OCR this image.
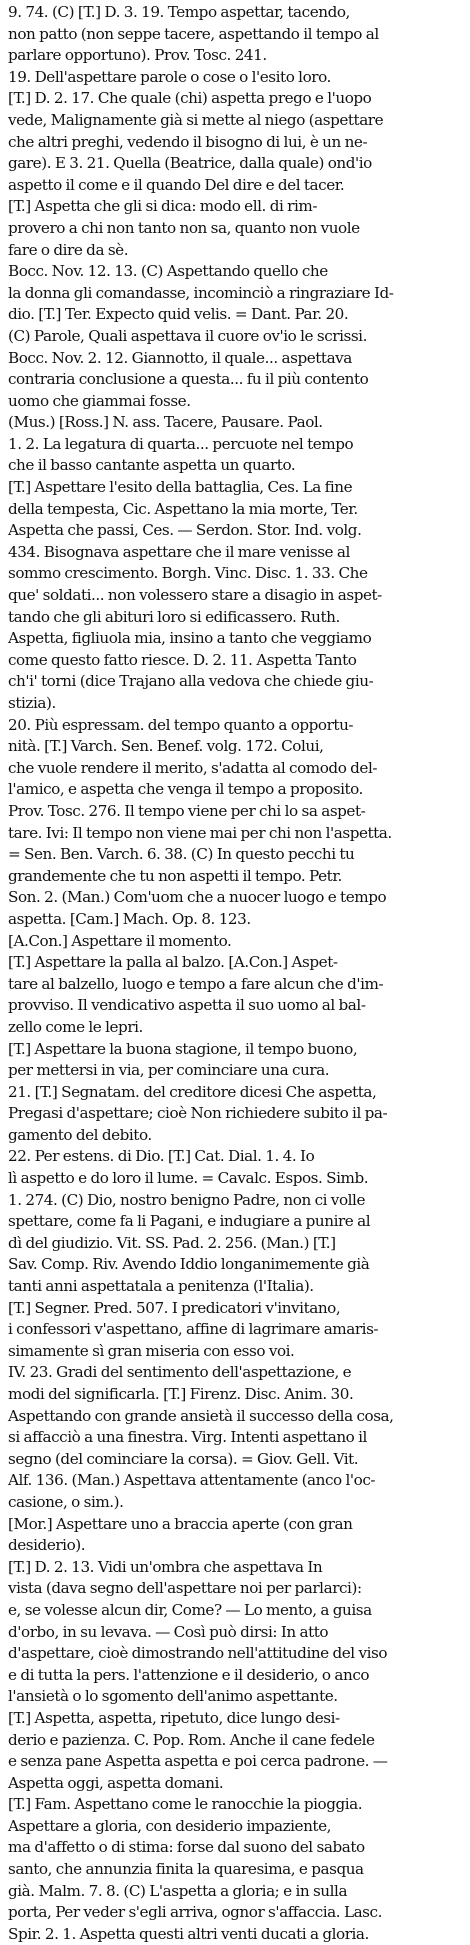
9. 74. (C) [T.] D. 3. 19. Tempo aspettar, tacendo,
non patto (non seppe tacere, aspettando il tempo al
parlare opportuno). Prov. Tosc. 241.
19. Dell'aspettare parole o cose o l'esito loro.
[T.] D. 2. 17. Che quale (chi) aspetta prego e l'uopo
vede, Malignamente già si mette al niego (aspettare
che altri preghi, vedendo il bisogno di lui, è un ne-
gare). E 3. 21. Quella (Beatrice, dalla quale) ond'io
aspetto il come e il quando Del dire e del tacer.
[T.] Aspetta che gli si dica: modo ell. di rim-
provero a chi non tanto non sa, quanto non vuole
fare o dire da sè.
Bocc. Nov. 12. 13. (C) Aspettando quello che
la donna gli comandasse, incominciò a ringraziare Id-
dio. [T.] Ter. Expecto quid velis. = Dant. Par. 20.
(C) Parole, Quali aspettava il cuore ov'io le scrissi.
Bocc. Nov. 2. 12. Giannotto, il quale... aspettava
contraria conclusione a questa... fu il più contento
uomo che giammai fosse.
(Mus.) [Ross.] N. ass. Tacere, Pausare. Paol.
1. 2. La legatura di quarta... percuote nel tempo
che il basso cantante aspetta un quarto.
[T.] Aspettare l'esito della battaglia, Ces. La fine
della tempesta, Cic. Aspettano la mia morte, Ter.
Aspetta che passi, Ces. — Serdon. Stor. Ind. volg.
434. Bisognava aspettare che il mare venisse al
sommo crescimento. Borgh. Vinc. Disc. 1. 33. Che
que' soldati... non volessero stare a disagio in aspet-
tando che gli abituri loro si edificassero. Ruth.
Aspetta, figliuola mia, insino a tanto che veggiamo
come questo fatto riesce. D. 2. 11. Aspetta Tanto
ch'i' torni (dice Trajano alla vedova che chiede giu-
stizia).
20. Più espressam. del tempo quanto a opportu-
nità. [T.] Varch. Sen. Benef. volg. 172. Colui,
che vuole rendere il merito, s'adatta al comodo del-
l'amico, e aspetta che venga il tempo a proposito.
Prov. Tosc. 276. Il tempo viene per chi lo sa aspet-
tare. Ivi: Il tempo non viene mai per chi non l'aspetta.
= Sen. Ben. Varch. 6. 38. (C) In questo pecchi tu
grandemente che tu non aspetti il tempo. Petr.
Son. 2. (Man.) Com'uom che a nuocer luogo e tempo
aspetta. [Cam.] Mach. Op. 8. 123.
[A.Con.] Aspettare il momento.
[T.] Aspettare la palla al balzo. [A.Con.] Aspet-
tare al balzello, luogo e tempo a fare alcun che d'im-
provviso. Il vendicativo aspetta il suo uomo al bal-
zello come le lepri.
[T.] Aspettare la buona stagione, il tempo buono,
per mettersi in via, per cominciare una cura.
21. [T.] Segnatam. del creditore dicesi Che aspetta,
Pregasi d'aspettare; cioè Non richiedere subito il pa-
gamento del debito.
22. Per estens. di Dio. [T.] Cat. Dial. 1. 4. Io
lì aspetto e do loro il lume. = Cavalc. Espos. Simb.
1. 274. (C) Dio, nostro benigno Padre, non ci volle
spettare, come fa li Pagani, e indugiare a punire al
dì del giudizio. Vit. SS. Pad. 2. 256. (Man.) [T.]
Sav. Comp. Riv. Avendo Iddio longanimemente già
tanti anni aspettatala a penitenza (l'Italia).
[T.] Segner. Pred. 507. I predicatori v'invitano,
i confessori v'aspettano, affine di lagrimare amaris-
simamente sì gran miseria con esso voi.
IV. 23. Gradi del sentimento dell'aspettazione, e
modi del significarla. [T.] Firenz. Disc. Anim. 30.
Aspettando con grande ansietà il successo della cosa,
si affacciò a una finestra. Virg. Intenti aspettano il
segno (del cominciare la corsa). = Giov. Gell. Vit.
Alf. 136. (Man.) Aspettava attentamente (anco l'oc-
casione, o sim.).
[Mor.] Aspettare uno a braccia aperte (con gran
desiderio).
[T.] D. 2. 13. Vidi un'ombra che aspettava In
vista (dava segno dell'aspettare noi per parlarci):
e, se volesse alcun dir, Come? — Lo mento, a guisa
d'orbo, in su levava. — Così può dirsi: In atto
d'aspettare, cioè dimostrando nell'attitudine del viso
e di tutta la pers. l'attenzione e il desiderio, o anco
l'ansietà o lo sgomento dell'animo aspettante.
[T.] Aspetta, aspetta, ripetuto, dice lungo desi-
derio e pazienza. C. Pop. Rom. Anche il cane fedele
e senza pane Aspetta aspetta e poi cerca padrone. —
Aspetta oggi, aspetta domani.
[T.] Fam. Aspettano come le ranocchie la pioggia.
Aspettare a gloria, con desiderio impaziente,
ma d'affetto o di stima: forse dal suono del sabato
santo, che annunzia finita la quaresima, e pasqua
già. Malm. 7. 8. (C) L'aspetta a gloria; e in sulla
porta, Per veder s'egli arriva, ognor s'affaccia. Lasc.
Spir. 2. 1. Aspetta questi altri venti ducati a gloria.
